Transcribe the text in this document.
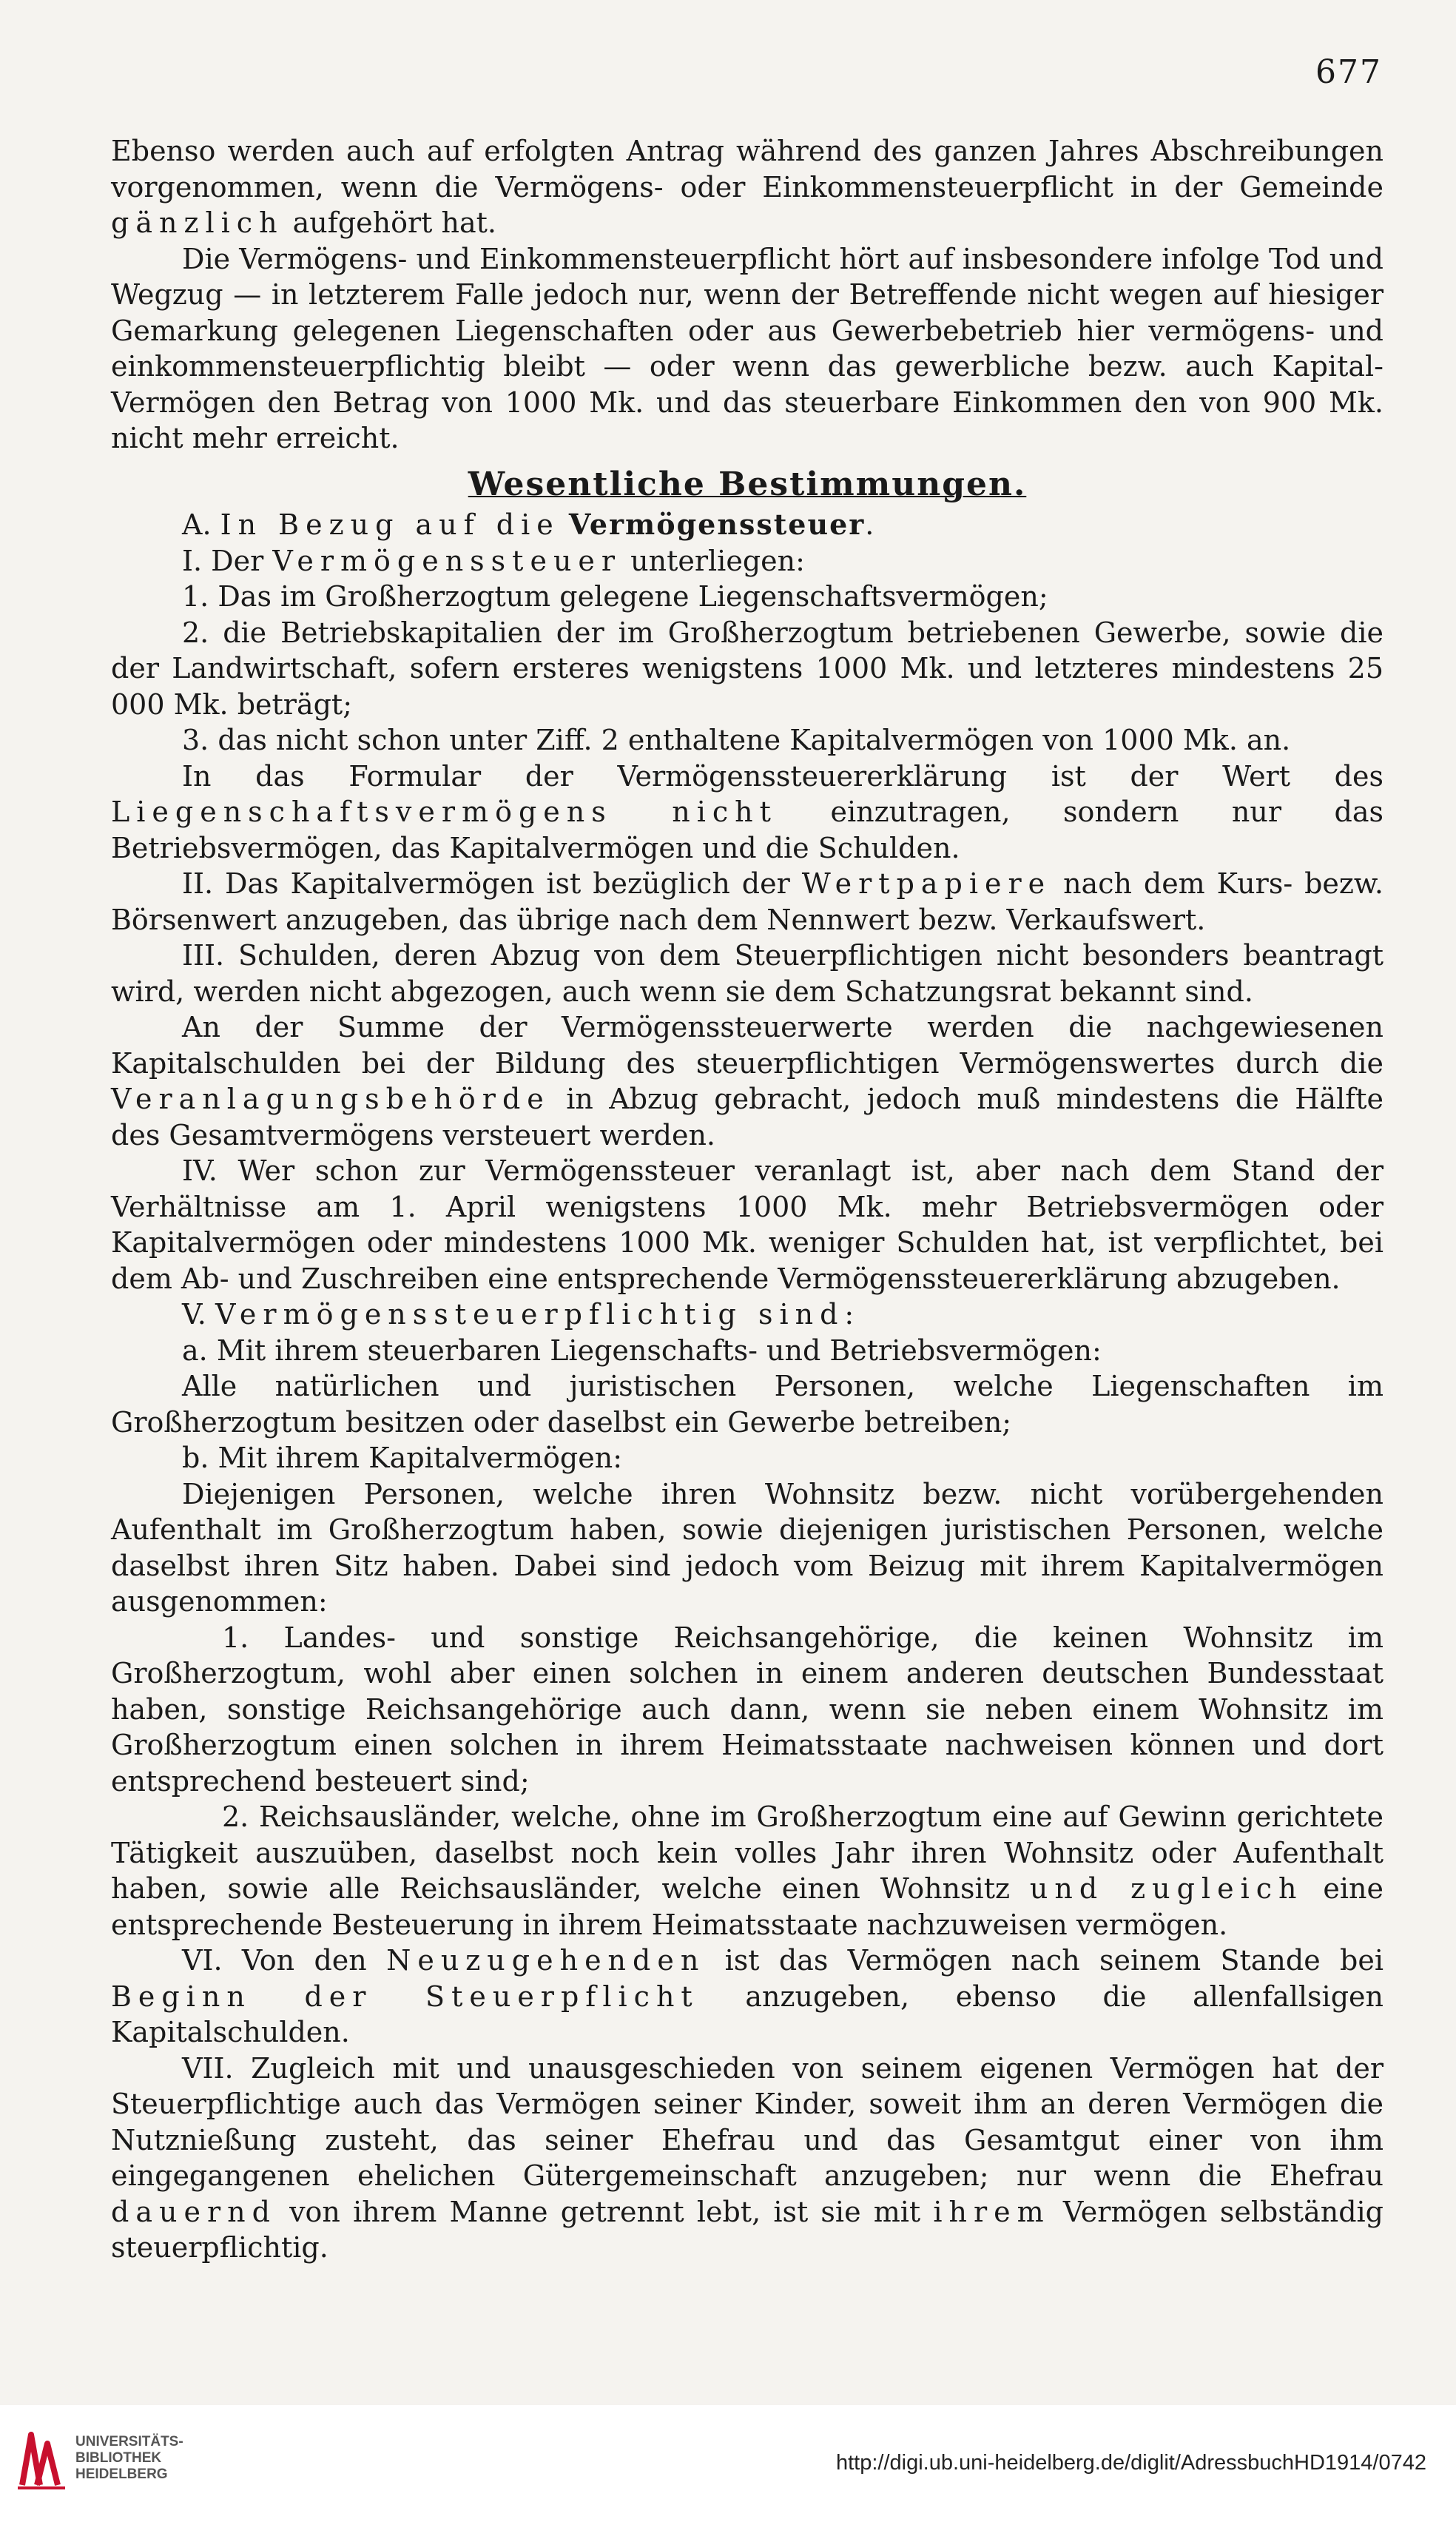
677

Ebenso werden auch auf erfolgten Antrag während des ganzen Jahres Abschreibungen vorgenommen, wenn die Vermögens- oder Einkommensteuerpflicht in der Gemeinde gänzlich aufgehört hat.

Die Vermögens- und Einkommensteuerpflicht hört auf insbesondere infolge Tod und Wegzug — in letzterem Falle jedoch nur, wenn der Betreffende nicht wegen auf hiesiger Gemarkung gelegenen Liegenschaften oder aus Gewerbebetrieb hier vermögens- und einkommensteuerpflichtig bleibt — oder wenn das gewerbliche bezw. auch Kapital-Vermögen den Betrag von 1000 Mk. und das steuerbare Einkommen den von 900 Mk. nicht mehr erreicht.

Wesentliche Bestimmungen.

A. In Bezug auf die Vermögenssteuer.

I. Der Vermögenssteuer unterliegen:

1. Das im Großherzogtum gelegene Liegenschaftsvermögen;

2. die Betriebskapitalien der im Großherzogtum betriebenen Gewerbe, sowie die der Landwirtschaft, sofern ersteres wenigstens 1000 Mk. und letzteres mindestens 25 000 Mk. beträgt;

3. das nicht schon unter Ziff. 2 enthaltene Kapitalvermögen von 1000 Mk. an.

In das Formular der Vermögenssteuererklärung ist der Wert des Liegenschaftsvermögens nicht einzutragen, sondern nur das Betriebsvermögen, das Kapitalvermögen und die Schulden.

II. Das Kapitalvermögen ist bezüglich der Wertpapiere nach dem Kurs- bezw. Börsenwert anzugeben, das übrige nach dem Nennwert bezw. Verkaufswert.

III. Schulden, deren Abzug von dem Steuerpflichtigen nicht besonders beantragt wird, werden nicht abgezogen, auch wenn sie dem Schatzungsrat bekannt sind.

An der Summe der Vermögenssteuerwerte werden die nachgewiesenen Kapitalschulden bei der Bildung des steuerpflichtigen Vermögenswertes durch die Veranlagungsbehörde in Abzug gebracht, jedoch muß mindestens die Hälfte des Gesamtvermögens versteuert werden.

IV. Wer schon zur Vermögenssteuer veranlagt ist, aber nach dem Stand der Verhältnisse am 1. April wenigstens 1000 Mk. mehr Betriebsvermögen oder Kapitalvermögen oder mindestens 1000 Mk. weniger Schulden hat, ist verpflichtet, bei dem Ab- und Zuschreiben eine entsprechende Vermögenssteuererklärung abzugeben.

V. Vermögenssteuerpflichtig sind:

a. Mit ihrem steuerbaren Liegenschafts- und Betriebsvermögen:

Alle natürlichen und juristischen Personen, welche Liegenschaften im Großherzogtum besitzen oder daselbst ein Gewerbe betreiben;

b. Mit ihrem Kapitalvermögen:

Diejenigen Personen, welche ihren Wohnsitz bezw. nicht vorübergehenden Aufenthalt im Großherzogtum haben, sowie diejenigen juristischen Personen, welche daselbst ihren Sitz haben. Dabei sind jedoch vom Beizug mit ihrem Kapitalvermögen ausgenommen:

1. Landes- und sonstige Reichsangehörige, die keinen Wohnsitz im Großherzogtum, wohl aber einen solchen in einem anderen deutschen Bundesstaat haben, sonstige Reichsangehörige auch dann, wenn sie neben einem Wohnsitz im Großherzogtum einen solchen in ihrem Heimatsstaate nachweisen können und dort entsprechend besteuert sind;

2. Reichsausländer, welche, ohne im Großherzogtum eine auf Gewinn gerichtete Tätigkeit auszuüben, daselbst noch kein volles Jahr ihren Wohnsitz oder Aufenthalt haben, sowie alle Reichsausländer, welche einen Wohnsitz und zugleich eine entsprechende Besteuerung in ihrem Heimatsstaate nachzuweisen vermögen.

VI. Von den Neuzugehenden ist das Vermögen nach seinem Stande bei Beginn der Steuerpflicht anzugeben, ebenso die allenfallsigen Kapitalschulden.

VII. Zugleich mit und unausgeschieden von seinem eigenen Vermögen hat der Steuerpflichtige auch das Vermögen seiner Kinder, soweit ihm an deren Vermögen die Nutznießung zusteht, das seiner Ehefrau und das Gesamtgut einer von ihm eingegangenen ehelichen Gütergemeinschaft anzugeben; nur wenn die Ehefrau dauernd von ihrem Manne getrennt lebt, ist sie mit ihrem Vermögen selbständig steuerpflichtig.

UNIVERSITÄTS-
BIBLIOTHEK
HEIDELBERG	http://digi.ub.uni-heidelberg.de/diglit/AdressbuchHD1914/0742
